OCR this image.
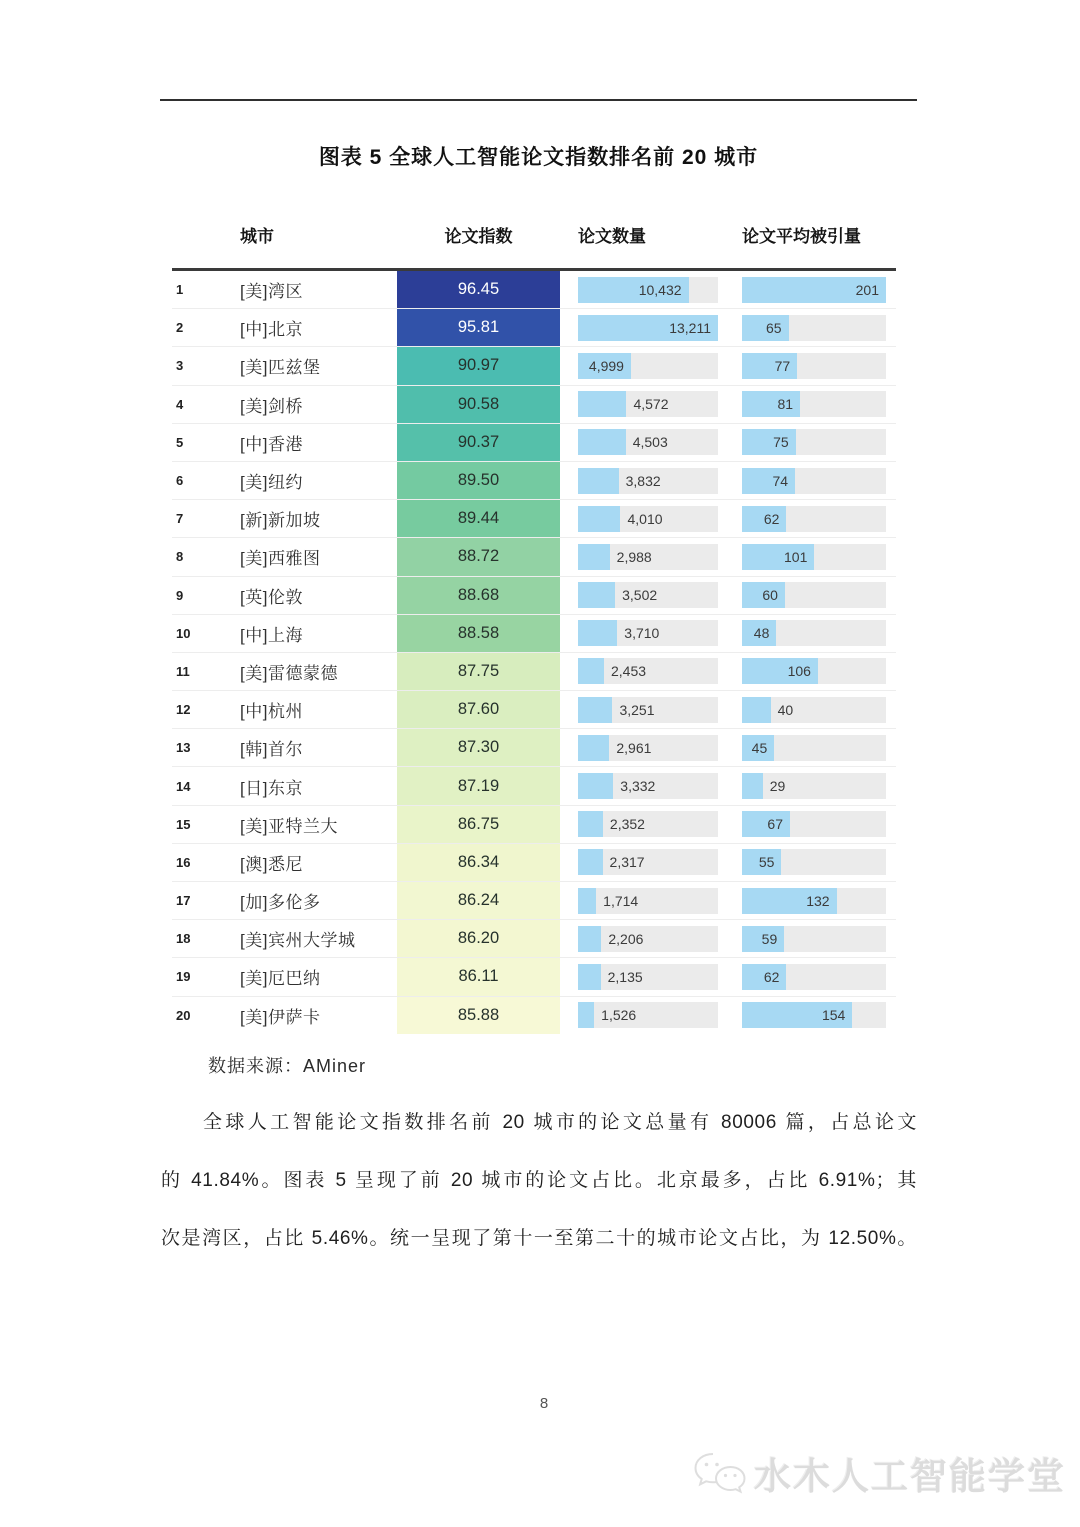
图表 5 全球人工智能论文指数排名前 20 城市
城市	论文指数	论文数量	论文平均被引量
1	[美]湾区	96.45	10,432	201
2	[中]北京	95.81	13,211	65
3	[美]匹兹堡	90.97	4,999	77
4	[美]剑桥	90.58	4,572	81
5	[中]香港	90.37	4,503	75
6	[美]纽约	89.50	3,832	74
7	[新]新加坡	89.44	4,010	62
8	[美]西雅图	88.72	2,988	101
9	[英]伦敦	88.68	3,502	60
10	[中]上海	88.58	3,710	48
11	[美]雷德蒙德	87.75	2,453	106
12	[中]杭州	87.60	3,251	40
13	[韩]首尔	87.30	2,961	45
14	[日]东京	87.19	3,332	29
15	[美]亚特兰大	86.75	2,352	67
16	[澳]悉尼	86.34	2,317	55
17	[加]多伦多	86.24	1,714	132
18	[美]宾州大学城	86.20	2,206	59
19	[美]厄巴纳	86.11	2,135	62
20	[美]伊萨卡	85.88	1,526	154
数据来源：AMiner
全球人工智能论文指数排名前 20 城市的论文总量有 80006 篇，占总论文
的 41.84%。图表 5 呈现了前 20 城市的论文占比。北京最多，占比 6.91%；其
次是湾区，占比 5.46%。统一呈现了第十一至第二十的城市论文占比，为 12.50%。
8
水木人工智能学堂
